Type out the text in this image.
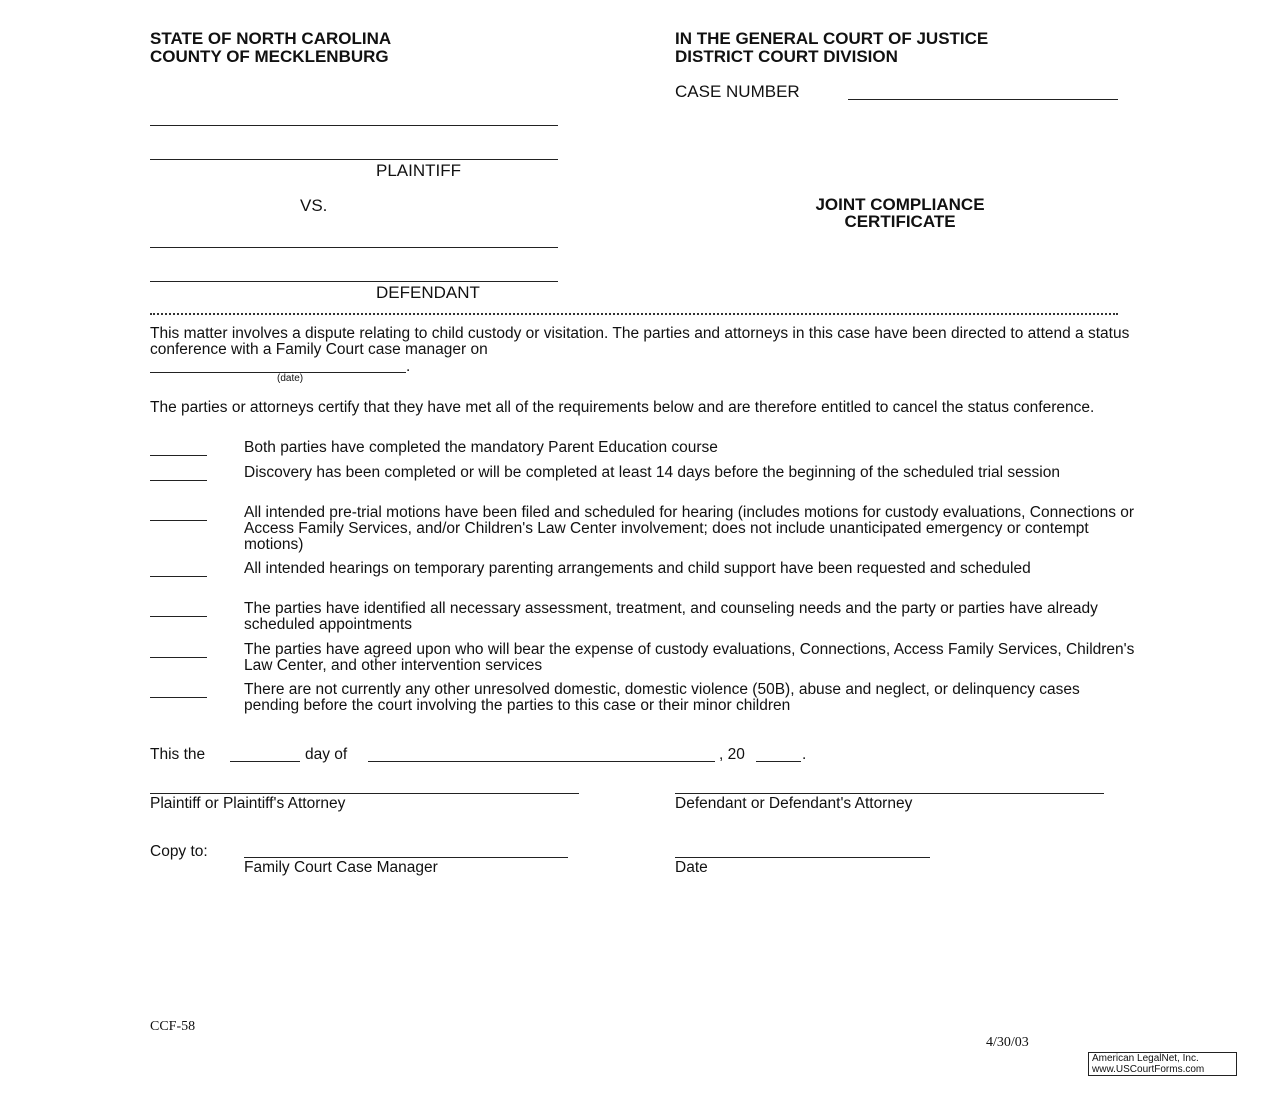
STATE OF NORTH CAROLINA
COUNTY OF MECKLENBURG
IN THE GENERAL COURT OF JUSTICE
DISTRICT COURT DIVISION
CASE NUMBER
PLAINTIFF
VS.
DEFENDANT
JOINT COMPLIANCE
CERTIFICATE
This matter involves a dispute relating to child custody or visitation. The parties and attorneys in this case have been directed to attend a status conference with a Family Court case manager on
.
(date)
The parties or attorneys certify that they have met all of the requirements below and are therefore entitled to cancel the status conference.
Both parties have completed the mandatory Parent Education course
Discovery has been completed or will be completed at least 14 days before the beginning of the scheduled trial session
All intended pre-trial motions have been filed and scheduled for hearing (includes motions for custody evaluations, Connections or Access Family Services, and/or Children's Law Center involvement; does not include unanticipated emergency or contempt motions)
All intended hearings on temporary parenting arrangements and child support have been requested and scheduled
The parties have identified all necessary assessment, treatment, and counseling needs and the party or parties have already scheduled appointments
The parties have agreed upon who will bear the expense of custody evaluations, Connections, Access Family Services, Children's Law Center, and other intervention services
There are not currently any other unresolved domestic, domestic violence (50B), abuse and neglect, or delinquency cases pending before the court involving the parties to this case or their minor children
This the	day of	, 20	.
Plaintiff or Plaintiff's Attorney	Defendant or Defendant's Attorney
Copy to:
Family Court Case Manager	Date
CCF-58
4/30/03
American LegalNet, Inc.
www.USCourtForms.com
